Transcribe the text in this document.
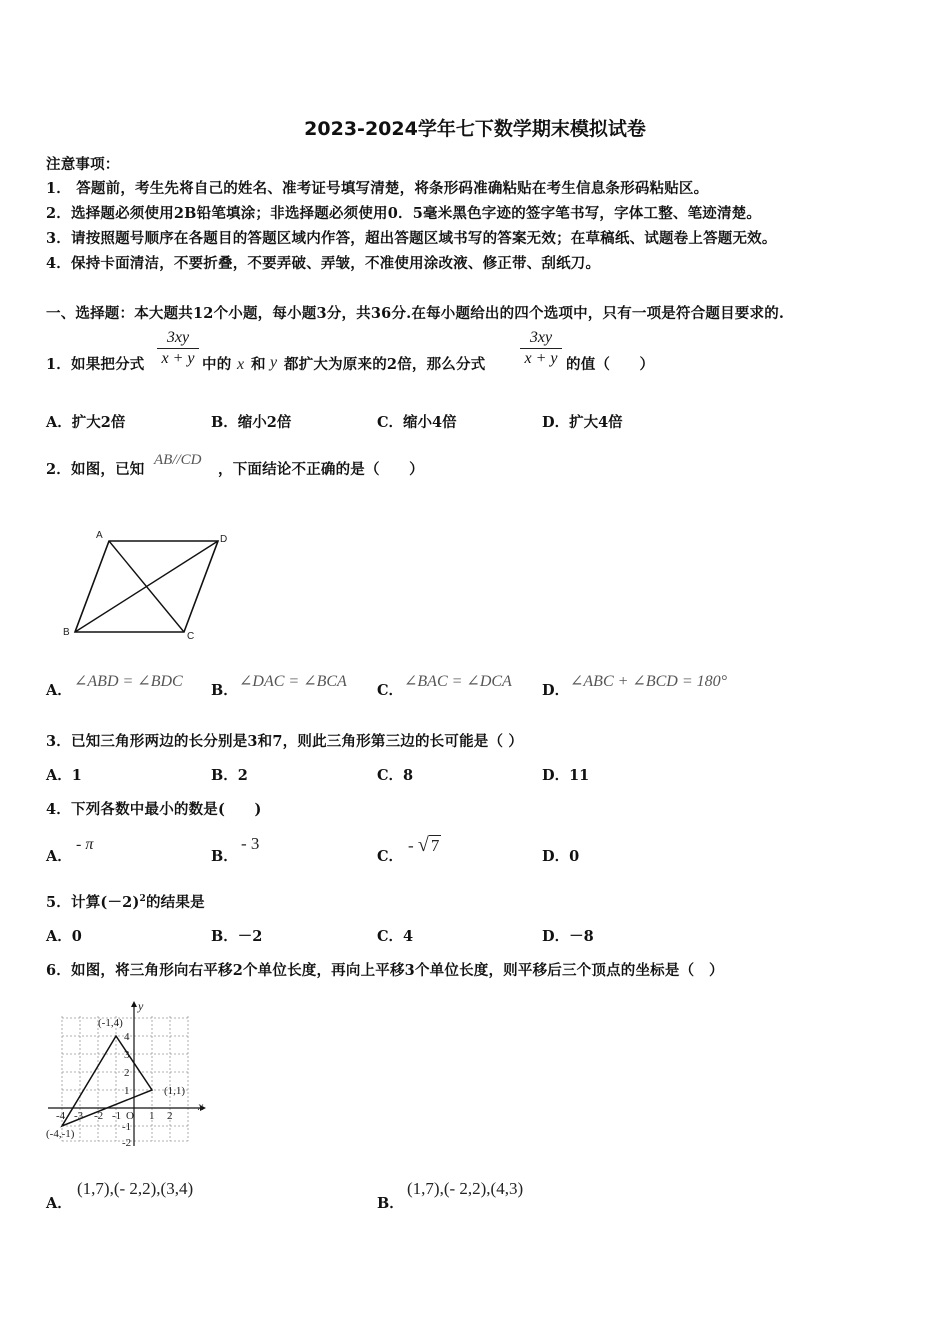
2023-2024学年七下数学期末模拟试卷
注意事项：
1． 答题前，考生先将自己的姓名、准考证号填写清楚，将条形码准确粘贴在考生信息条形码粘贴区。
2．选择题必须使用2B铅笔填涂；非选择题必须使用0．5毫米黑色字迹的签字笔书写，字体工整、笔迹清楚。
3．请按照题号顺序在各题目的答题区域内作答，超出答题区域书写的答案无效；在草稿纸、试题卷上答题无效。
4．保持卡面清洁，不要折叠，不要弄破、弄皱，不准使用涂改液、修正带、刮纸刀。
一、选择题：本大题共12个小题，每小题3分，共36分.在每小题给出的四个选项中，只有一项是符合题目要求的.
1．如果把分式 $\frac{3xy}{x + y}$ 中的 x 和 y 都扩大为原来的2倍，那么分式 $\frac{3xy}{x + y}$ 的值（　　）
A．扩大2倍	B．缩小2倍	C．缩小4倍	D．扩大4倍
2．如图，已知
AB//CD
，下面结论不正确的是（　　）
A	D
B	C
A．
∠ABD = ∠BDC
B．
∠DAC = ∠BCA
C．
∠BAC = ∠DCA
D．
∠ABC + ∠BCD = 180°
3．已知三角形两边的长分别是3和7，则此三角形第三边的长可能是（ ）
A．1	B．2	C．8	D．11
4．下列各数中最小的数是(　　)
A．
- π
B．
- 3
C．
- √ 7
D．0
5．计算$(-2)^2$的结果是
A．0	B．－2	C．4	D．－8
6．如图，将三角形向右平移2个单位长度，再向上平移3个单位长度，则平移后三个顶点的坐标是（　）
x
y
(-1,4)
(1,1)
(-4,-1)
-4 -3 -2 -1 O 1 2
4
3
2
1
-1
-2
A．
(1,7),(- 2,2),(3,4)
B．
(1,7),(- 2,2),(4,3)
